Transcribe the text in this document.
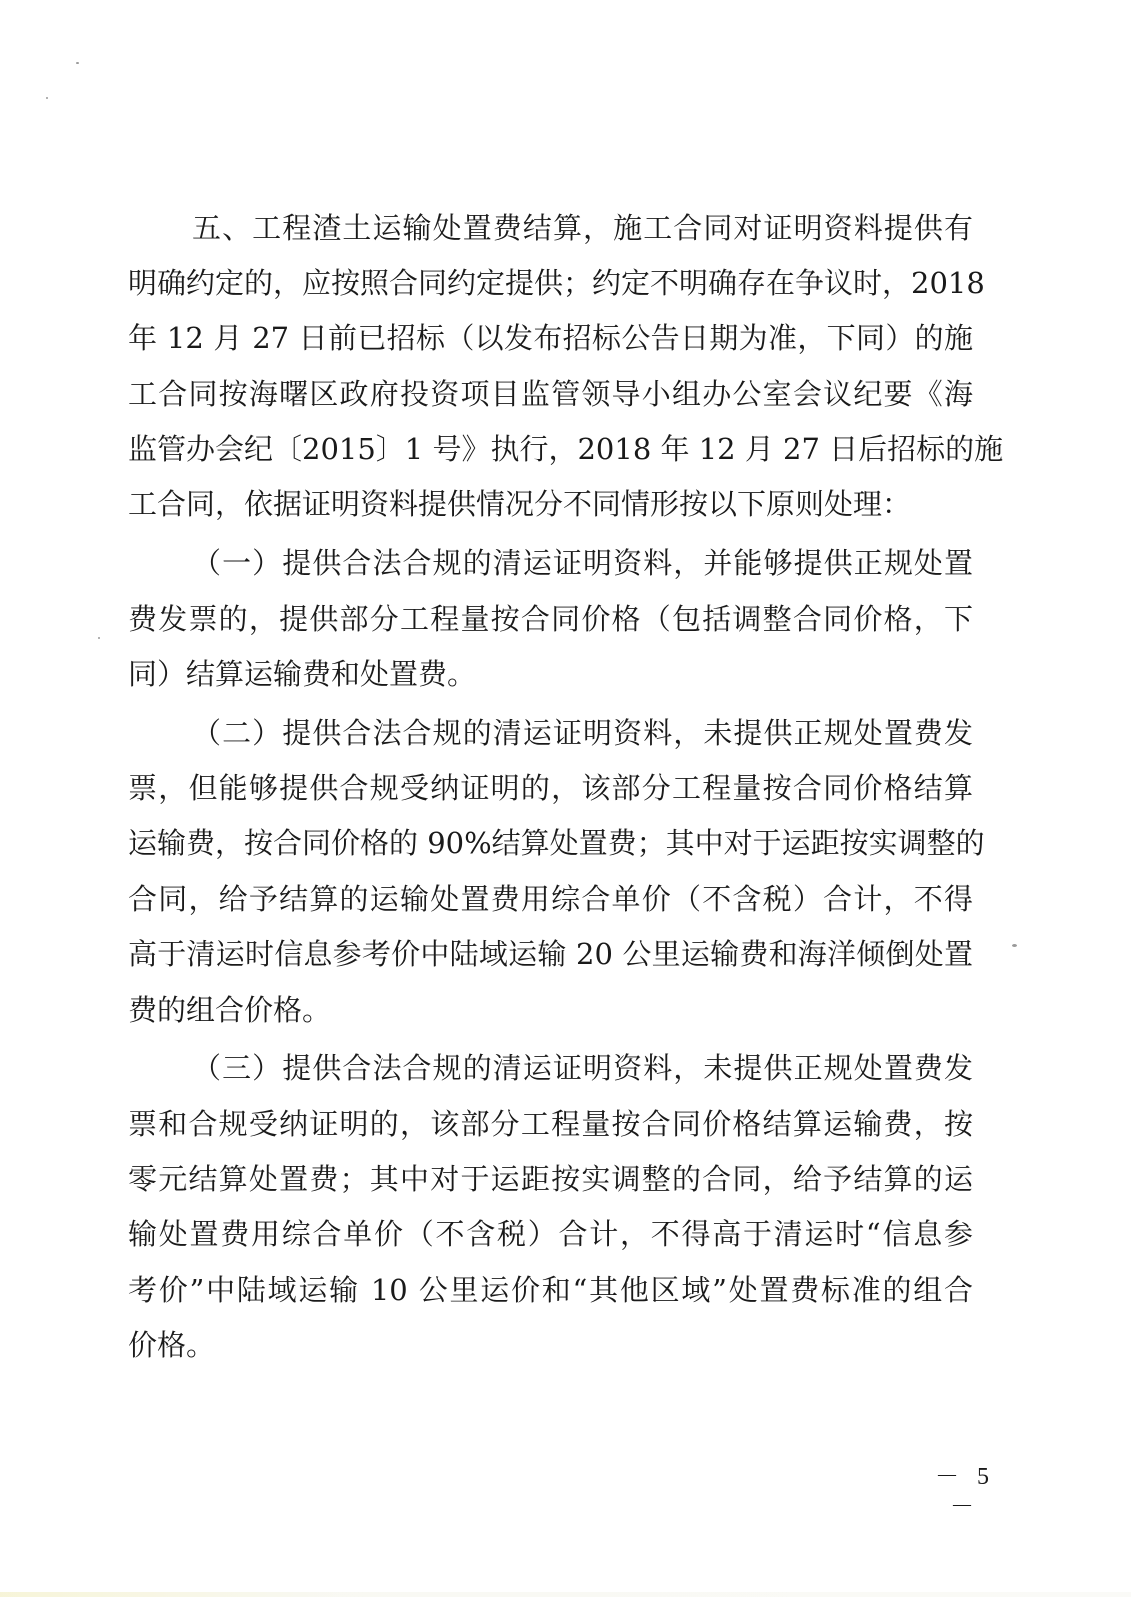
五、工程渣土运输处置费结算，施工合同对证明资料提供有
明确约定的，应按照合同约定提供；约定不明确存在争议时，2018
年 12 月 27 日前已招标（以发布招标公告日期为准，下同）的施
工合同按海曙区政府投资项目监管领导小组办公室会议纪要《海
监管办会纪〔2015〕1 号》执行，2018 年 12 月 27 日后招标的施
工合同，依据证明资料提供情况分不同情形按以下原则处理：
（一）提供合法合规的清运证明资料，并能够提供正规处置
费发票的，提供部分工程量按合同价格（包括调整合同价格，下
同）结算运输费和处置费。
（二）提供合法合规的清运证明资料，未提供正规处置费发
票，但能够提供合规受纳证明的，该部分工程量按合同价格结算
运输费，按合同价格的 90%结算处置费；其中对于运距按实调整的
合同，给予结算的运输处置费用综合单价（不含税）合计，不得
高于清运时信息参考价中陆域运输 20 公里运输费和海洋倾倒处置
费的组合价格。
（三）提供合法合规的清运证明资料，未提供正规处置费发
票和合规受纳证明的，该部分工程量按合同价格结算运输费，按
零元结算处置费；其中对于运距按实调整的合同，给予结算的运
输处置费用综合单价（不含税）合计，不得高于清运时“信息参
考价”中陆域运输 10 公里运价和“其他区域”处置费标准的组合
价格。
－ 5 －
